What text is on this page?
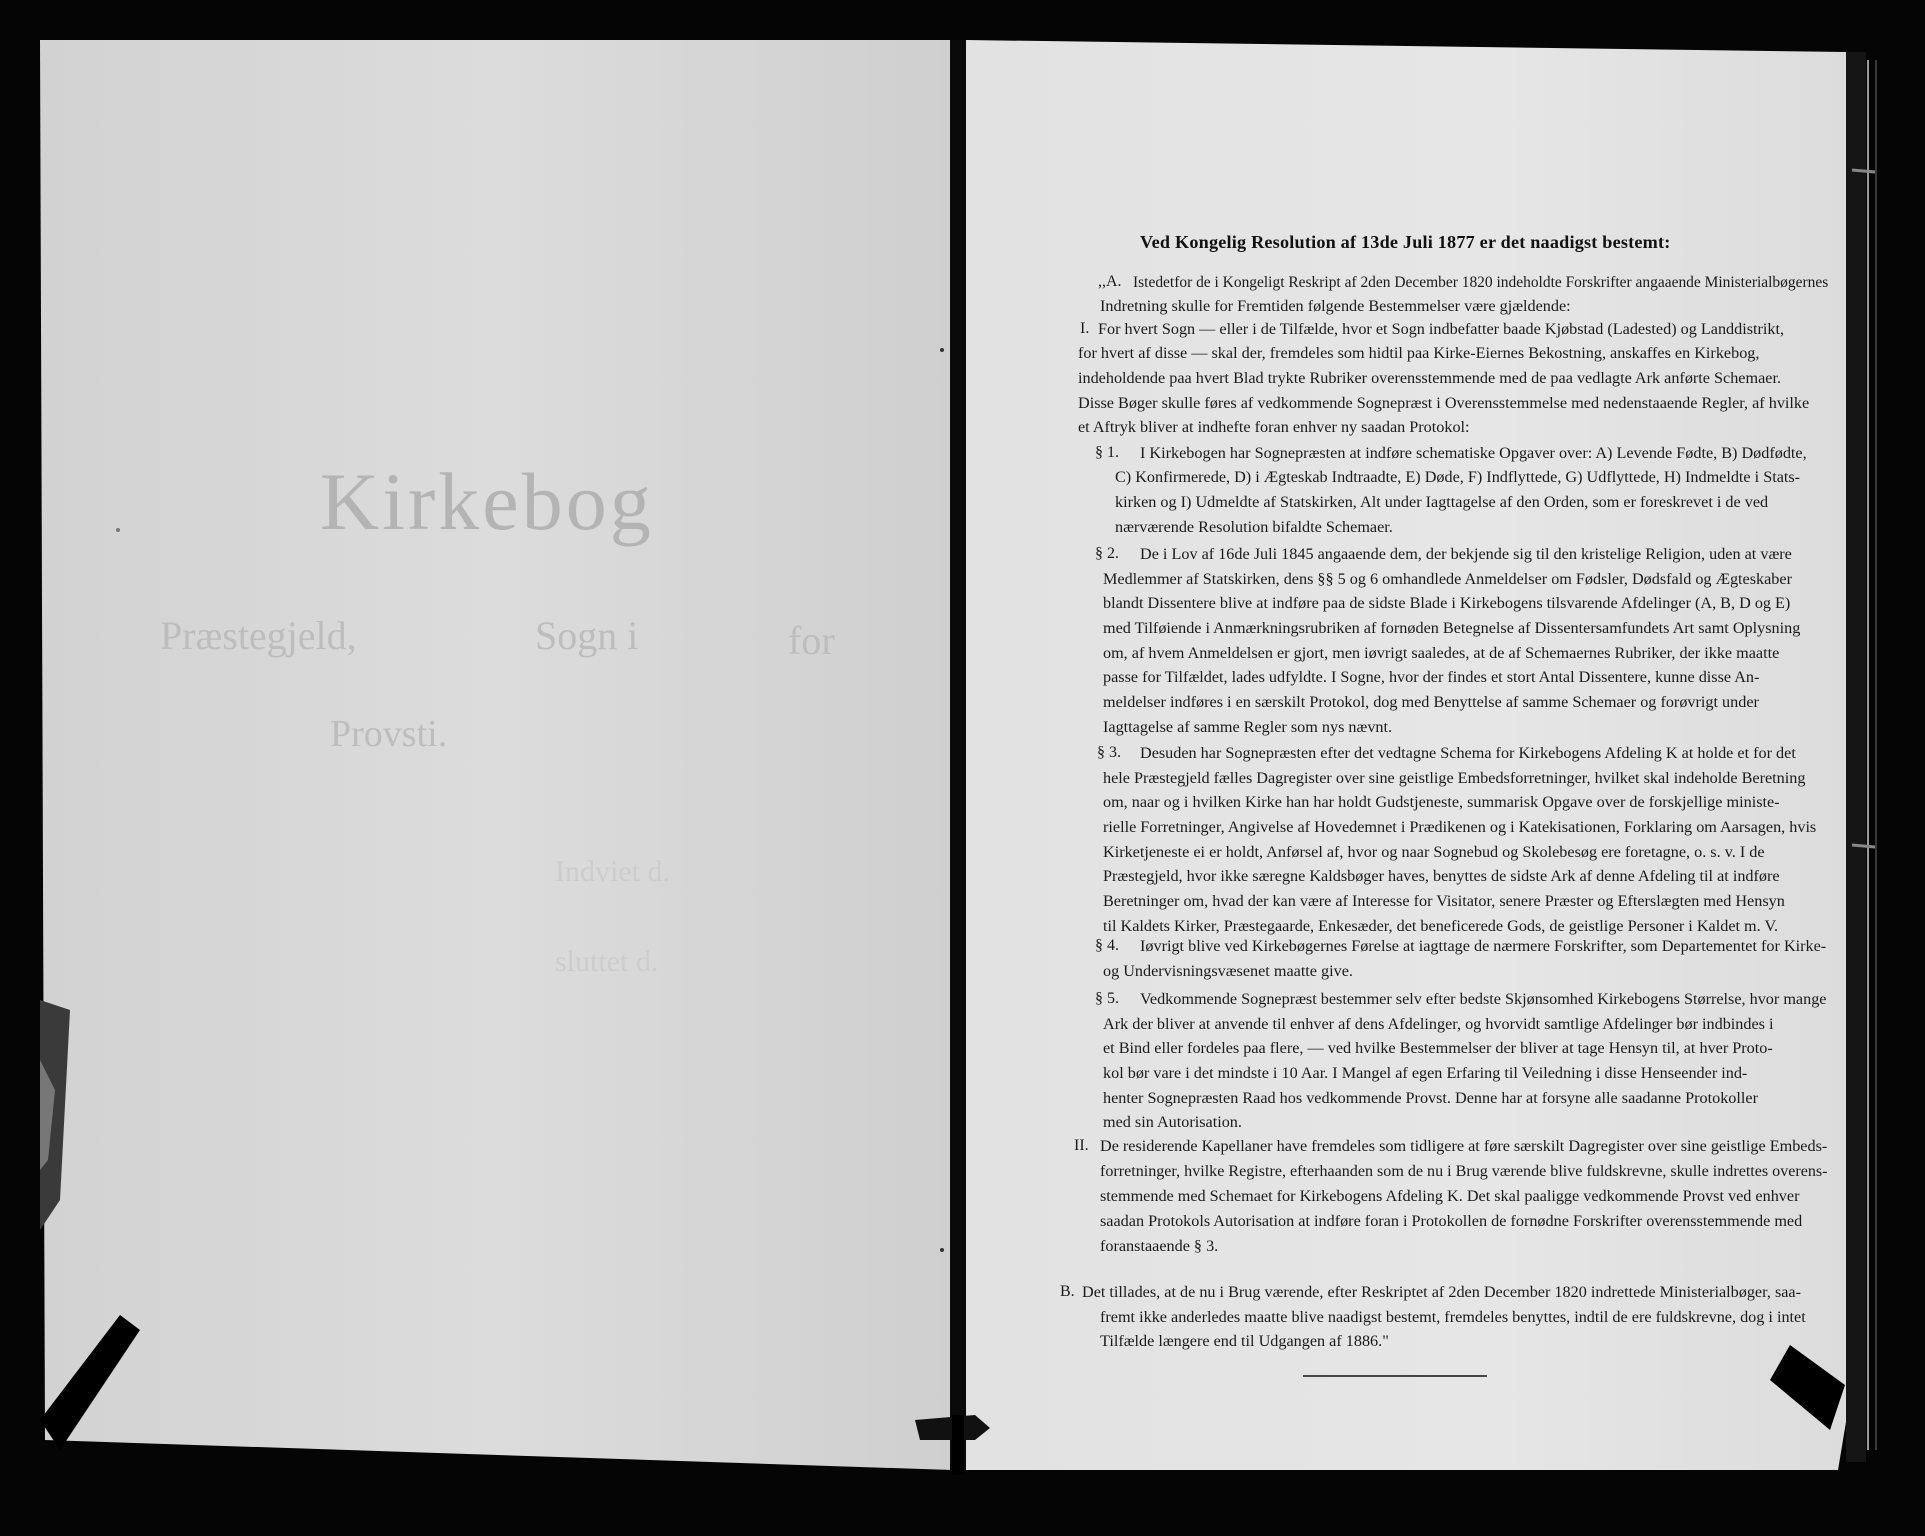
Kirkebog
Præstegjeld,	Sogn i	for
Provsti.
Indviet d.
sluttet d.
Ved Kongelig Resolution af 13de Juli 1877 er det naadigst bestemt:
,,A.
I.
§ 1.
§ 2.
§ 3.
§ 4.
§ 5.
II.
B.
Istedetfor de i Kongeligt Reskript af 2den December 1820 indeholdte Forskrifter angaaende Ministerialbøgernes
Indretning skulle for Fremtiden følgende Bestemmelser være gjældende:
For hvert Sogn — eller i de Tilfælde, hvor et Sogn indbefatter baade Kjøbstad (Ladested) og Landdistrikt,
for hvert af disse — skal der, fremdeles som hidtil paa Kirke-Eiernes Bekostning, anskaffes en Kirkebog,
indeholdende paa hvert Blad trykte Rubriker overensstemmende med de paa vedlagte Ark anførte Schemaer.
Disse Bøger skulle føres af vedkommende Sognepræst i Overensstemmelse med nedenstaaende Regler, af hvilke
et Aftryk bliver at indhefte foran enhver ny saadan Protokol:
I Kirkebogen har Sognepræsten at indføre schematiske Opgaver over: A) Levende Fødte, B) Dødfødte,
C) Konfirmerede, D) i Ægteskab Indtraadte, E) Døde, F) Indflyttede, G) Udflyttede, H) Indmeldte i Stats-
kirken og I) Udmeldte af Statskirken, Alt under Iagttagelse af den Orden, som er foreskrevet i de ved
nærværende Resolution bifaldte Schemaer.
De i Lov af 16de Juli 1845 angaaende dem, der bekjende sig til den kristelige Religion, uden at være
Medlemmer af Statskirken, dens §§ 5 og 6 omhandlede Anmeldelser om Fødsler, Dødsfald og Ægteskaber
blandt Dissentere blive at indføre paa de sidste Blade i Kirkebogens tilsvarende Afdelinger (A, B, D og E)
med Tilføiende i Anmærkningsrubriken af fornøden Betegnelse af Dissentersamfundets Art samt Oplysning
om, af hvem Anmeldelsen er gjort, men iøvrigt saaledes, at de af Schemaernes Rubriker, der ikke maatte
passe for Tilfældet, lades udfyldte. I Sogne, hvor der findes et stort Antal Dissentere, kunne disse An-
meldelser indføres i en særskilt Protokol, dog med Benyttelse af samme Schemaer og forøvrigt under
Iagttagelse af samme Regler som nys nævnt.
Desuden har Sognepræsten efter det vedtagne Schema for Kirkebogens Afdeling K at holde et for det
hele Præstegjeld fælles Dagregister over sine geistlige Embedsforretninger, hvilket skal indeholde Beretning
om, naar og i hvilken Kirke han har holdt Gudstjeneste, summarisk Opgave over de forskjellige ministe-
rielle Forretninger, Angivelse af Hovedemnet i Prædikenen og i Katekisationen, Forklaring om Aarsagen, hvis
Kirketjeneste ei er holdt, Anførsel af, hvor og naar Sognebud og Skolebesøg ere foretagne, o. s. v. I de
Præstegjeld, hvor ikke særegne Kaldsbøger haves, benyttes de sidste Ark af denne Afdeling til at indføre
Beretninger om, hvad der kan være af Interesse for Visitator, senere Præster og Efterslægten med Hensyn
til Kaldets Kirker, Præstegaarde, Enkesæder, det beneficerede Gods, de geistlige Personer i Kaldet m. V.
Iøvrigt blive ved Kirkebøgernes Førelse at iagttage de nærmere Forskrifter, som Departementet for Kirke-
og Undervisningsvæsenet maatte give.
Vedkommende Sognepræst bestemmer selv efter bedste Skjønsomhed Kirkebogens Størrelse, hvor mange
Ark der bliver at anvende til enhver af dens Afdelinger, og hvorvidt samtlige Afdelinger bør indbindes i
et Bind eller fordeles paa flere, — ved hvilke Bestemmelser der bliver at tage Hensyn til, at hver Proto-
kol bør vare i det mindste i 10 Aar. I Mangel af egen Erfaring til Veiledning i disse Henseender ind-
henter Sognepræsten Raad hos vedkommende Provst. Denne har at forsyne alle saadanne Protokoller
med sin Autorisation.
De residerende Kapellaner have fremdeles som tidligere at føre særskilt Dagregister over sine geistlige Embeds-
forretninger, hvilke Registre, efterhaanden som de nu i Brug værende blive fuldskrevne, skulle indrettes overens-
stemmende med Schemaet for Kirkebogens Afdeling K. Det skal paaligge vedkommende Provst ved enhver
saadan Protokols Autorisation at indføre foran i Protokollen de fornødne Forskrifter overensstemmende med
foranstaaende § 3.
Det tillades, at de nu i Brug værende, efter Reskriptet af 2den December 1820 indrettede Ministerialbøger, saa-
fremt ikke anderledes maatte blive naadigst bestemt, fremdeles benyttes, indtil de ere fuldskrevne, dog i intet
Tilfælde længere end til Udgangen af 1886."
